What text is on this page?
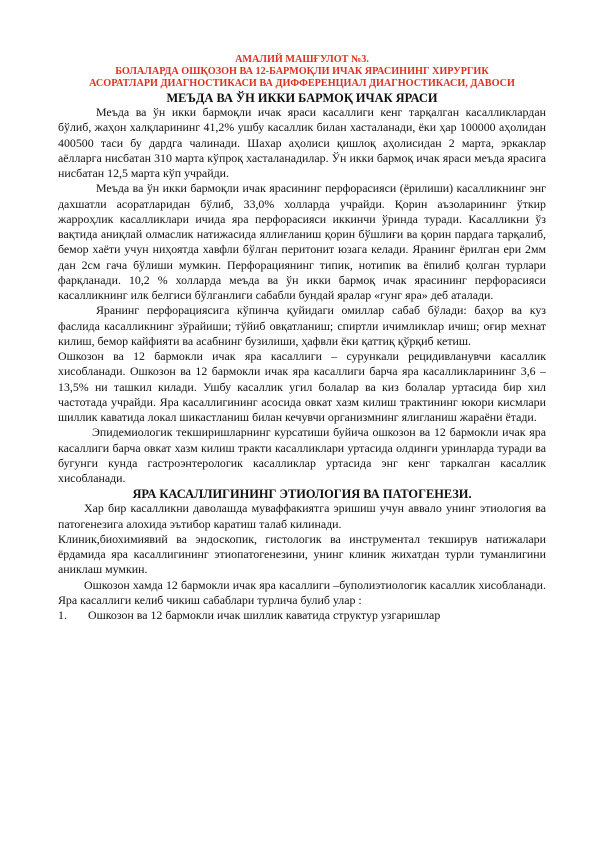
АМАЛИЙ МАШҒУЛОТ №3.
БОЛАЛАРДА ОШҚОЗОН ВА 12-БАРМОҚЛИ ИЧАК ЯРАСИНИНГ ХИРУРГИК
АСОРАТЛАРИ ДИАГНОСТИКАСИ ВА ДИФФЕРЕНЦИАЛ ДИАГНОСТИКАСИ, ДАВОСИ
МЕЪДА ВА ЎН ИККИ БАРМОҚ ИЧАК ЯРАСИ

Меъда ва ўн икки бармоқли ичак яраси касаллиги кенг тарқалган касалликлардан бўлиб, жаҳон халқларининг 41,2% ушбу касаллик билан хасталанади, ёки ҳар 100000 аҳолидан 400500 таси бу дардга чалинади. Шахар аҳолиси қишлоқ аҳолисидан 2 марта, эркаклар аёлларга нисбатан 310 марта кўпроқ хасталанадилар. Ўн икки бармоқ ичак яраси меъда ярасига нисбатан 12,5 марта кўп учрайди.

Меъда ва ўн икки бармоқли ичак ярасининг перфорасияси (ёрилиши) касалликнинг энг дахшатли асоратларидан бўлиб, 33,0% холларда учрайди. Қорин аъзоларининг ўткир жарроҳлик касалликлари ичида яра перфорасияси иккинчи ўринда туради. Касалликни ўз вақтида аниқлай олмаслик натижасида яллиғланиш қорин бўшлиғи ва қорин пардага тарқалиб, бемор хаёти учун ниҳоятда хавфли бўлган перитонит юзага келади. Яранинг ёрилган ери 2мм дан 2см гача бўлиши мумкин. Перфорациянинг типик, нотипик ва ёпилиб қолган турлари фарқланади. 10,2 % холларда меъда ва ўн икки бармоқ ичак ярасининг перфорасияси касалликнинг илк белгиси бўлганлиги сабабли бундай яралар «гунг яра» деб аталади.

Яранинг перфорациясига кўпинча қуйидаги омиллар сабаб бўлади: баҳор ва куз фаслида касалликнинг зўрайиши; тўйиб овқатланиш; спиртли ичимликлар ичиш; оғир мехнат килиш, бемор кайфияти ва асабнинг бузилиши, ҳафвли ёки қаттиқ қўрқиб кетиш.

Ошкозон ва 12 бармокли ичак яра касаллиги – сурункали рецидивланувчи касаллик хисобланади. Ошкозон ва 12 бармокли ичак яра касаллиги барча яра касалликларининг 3,6 – 13,5% ни ташкил килади. Ушбу касаллик угил болалар ва киз болалар уртасида бир хил частотада учрайди. Яра касаллигининг асосида овкат хазм килиш трактининг юкори кисмлари шиллик каватида локал шикастланиш билан кечувчи организмнинг ялигланиш жараёни ётади.

Эпидемиологик текширишларнинг курсатиши буйича ошкозон ва 12 бармокли ичак яра касаллиги барча овкат хазм килиш тракти касалликлари уртасида олдинги уринларда туради ва бугунги кунда гастроэнтерологик касалликлар уртасида энг кенг таркалган касаллик хисобланади.

ЯРА КАСАЛЛИГИНИНГ ЭТИОЛОГИЯ ВА ПАТОГЕНЕЗИ.

Хар бир касалликни даволашда муваффакиятга эришиш учун аввало унинг этиология ва патогенезига алохида эътибор каратиш талаб килинади.

Клиник,биохимиявий ва эндоскопик, гистологик ва инструментал текширув натижалари ёрдамида яра касаллигининг этиопатогенезини, унинг клиник жихатдан турли туманлигини аниклаш мумкин.

Ошкозон хамда 12 бармокли ичак яра касаллиги –буполиэтиологик касаллик хисобланади. Яра касаллиги келиб чикиш сабаблари турлича булиб улар :

1.	Ошкозон ва 12 бармокли ичак шиллик каватида структур узгаришлар
